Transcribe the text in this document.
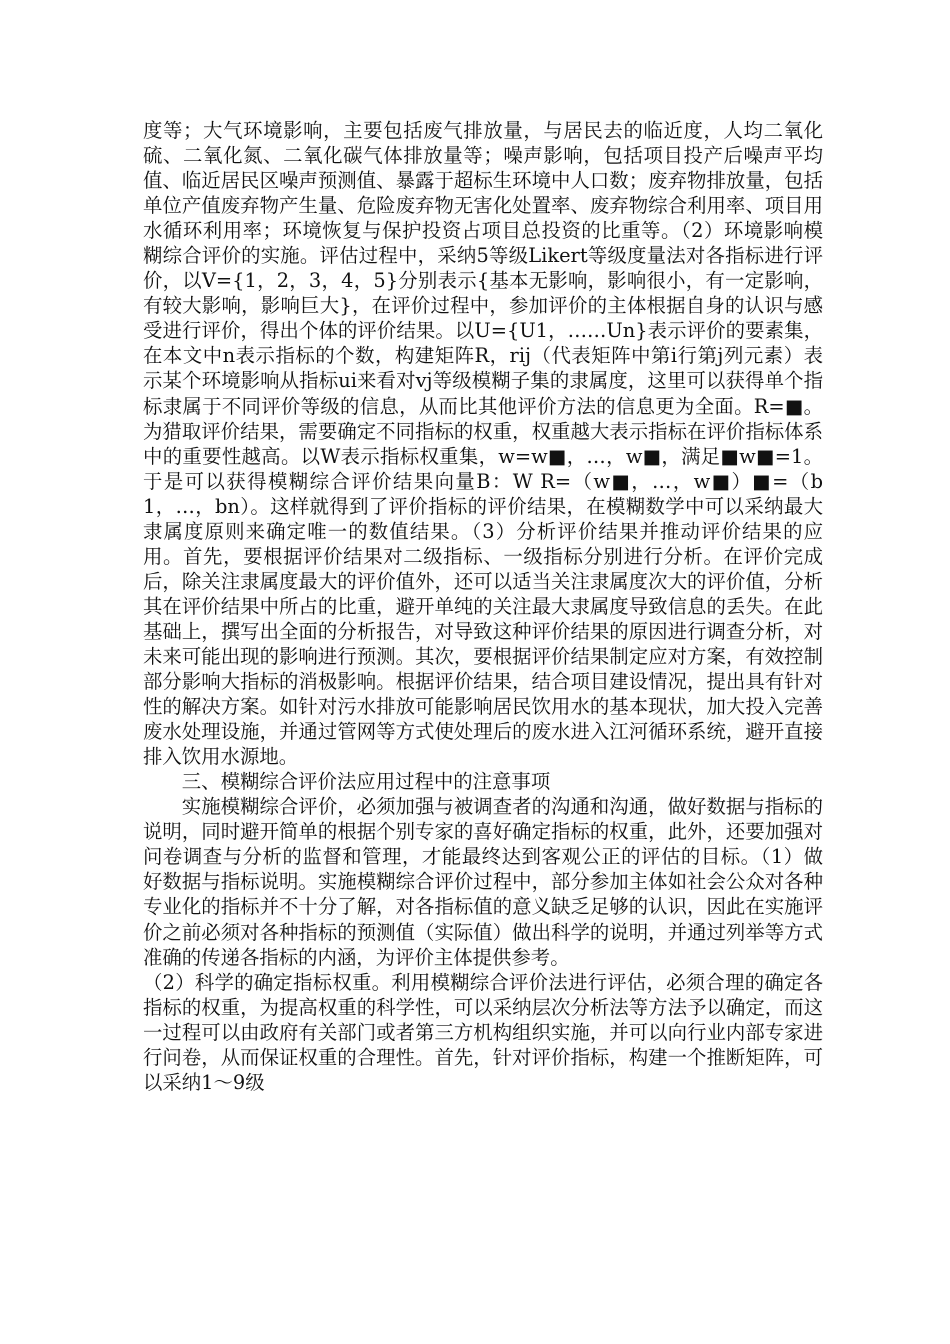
度等；大气环境影响，主要包括废气排放量，与居民去的临近度，人均二氧化硫、二氧化氮、二氧化碳气体排放量等；噪声影响，包括项目投产后噪声平均值、临近居民区噪声预测值、暴露于超标生环境中人口数；废弃物排放量，包括单位产值废弃物产生量、危险废弃物无害化处置率、废弃物综合利用率、项目用水循环利用率；环境恢复与保护投资占项目总投资的比重等。（2）环境影响模糊综合评价的实施。评估过程中，采纳5等级Likert等级度量法对各指标进行评价，以V={1，2，3，4，5}分别表示{基本无影响，影响很小，有一定影响，有较大影响，影响巨大}，在评价过程中，参加评价的主体根据自身的认识与感受进行评价，得出个体的评价结果。以U={U1，……Un}表示评价的要素集，在本文中n表示指标的个数，构建矩阵R，rij（代表矩阵中第i行第j列元素）表示某个环境影响从指标ui来看对vj等级模糊子集的隶属度，这里可以获得单个指标隶属于不同评价等级的信息，从而比其他评价方法的信息更为全面。R=■。为猎取评价结果，需要确定不同指标的权重，权重越大表示指标在评价指标体系中的重要性越高。以W表示指标权重集，w=w■，…，w■，满足■w■=1。于是可以获得模糊综合评价结果向量B：W R=（w■，…，w■）■=（b1，…，bn）。这样就得到了评价指标的评价结果，在模糊数学中可以采纳最大隶属度原则来确定唯一的数值结果。（3）分析评价结果并推动评价结果的应用。首先，要根据评价结果对二级指标、一级指标分别进行分析。在评价完成后，除关注隶属度最大的评价值外，还可以适当关注隶属度次大的评价值，分析其在评价结果中所占的比重，避开单纯的关注最大隶属度导致信息的丢失。在此基础上，撰写出全面的分析报告，对导致这种评价结果的原因进行调查分析，对未来可能出现的影响进行预测。其次，要根据评价结果制定应对方案，有效控制部分影响大指标的消极影响。根据评价结果，结合项目建设情况，提出具有针对性的解决方案。如针对污水排放可能影响居民饮用水的基本现状，加大投入完善废水处理设施，并通过管网等方式使处理后的废水进入江河循环系统，避开直接排入饮用水源地。

三、模糊综合评价法应用过程中的注意事项

实施模糊综合评价，必须加强与被调查者的沟通和沟通，做好数据与指标的说明，同时避开简单的根据个别专家的喜好确定指标的权重，此外，还要加强对问卷调查与分析的监督和管理，才能最终达到客观公正的评估的目标。（1）做好数据与指标说明。实施模糊综合评价过程中，部分参加主体如社会公众对各种专业化的指标并不十分了解，对各指标值的意义缺乏足够的认识，因此在实施评价之前必须对各种指标的预测值（实际值）做出科学的说明，并通过列举等方式准确的传递各指标的内涵，为评价主体提供参考。

（2）科学的确定指标权重。利用模糊综合评价法进行评估，必须合理的确定各指标的权重，为提高权重的科学性，可以采纳层次分析法等方法予以确定，而这一过程可以由政府有关部门或者第三方机构组织实施，并可以向行业内部专家进行问卷，从而保证权重的合理性。首先，针对评价指标，构建一个推断矩阵，可以采纳1～9级
